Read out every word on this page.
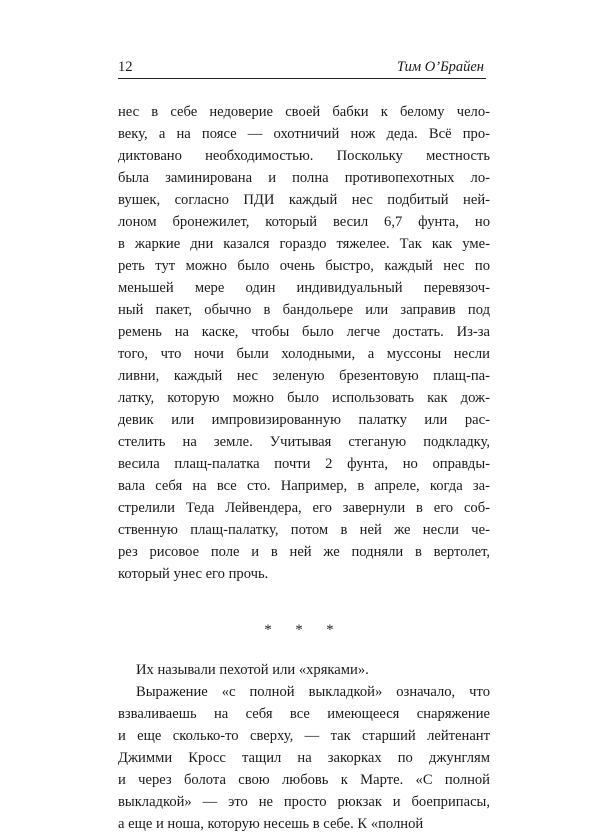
12	Тим О’Брайен

нес в себе недоверие своей бабки к белому чело-
веку, а на поясе — охотничий нож деда. Всё про-
диктовано необходимостью. Поскольку местность
была заминирована и полна противопехотных ло-
вушек, согласно ПДИ каждый нес подбитый ней-
лоном бронежилет, который весил 6,7 фунта, но
в жаркие дни казался гораздо тяжелее. Так как уме-
реть тут можно было очень быстро, каждый нес по
меньшей мере один индивидуальный перевязоч-
ный пакет, обычно в бандольере или заправив под
ремень на каске, чтобы было легче достать. Из-за
того, что ночи были холодными, а муссоны несли
ливни, каждый нес зеленую брезентовую плащ-па-
латку, которую можно было использовать как дож-
девик или импровизированную палатку или рас-
стелить на земле. Учитывая стеганую подкладку,
весила плащ-палатка почти 2 фунта, но оправды-
вала себя на все сто. Например, в апреле, когда за-
стрелили Теда Лейвендера, его завернули в его соб-
ственную плащ-палатку, потом в ней же несли че-
рез рисовое поле и в ней же подняли в вертолет,
который унес его прочь.

* * *

Их называли пехотой или «хряками».

Выражение «с полной выкладкой» означало, что
взваливаешь на себя все имеющееся снаряжение
и еще сколько-то сверху, — так старший лейтенант
Джимми Кросс тащил на закорках по джунглям
и через болота свою любовь к Марте. «С полной
выкладкой» — это не просто рюкзак и боеприпасы,
а еще и ноша, которую несешь в себе. К «полной
